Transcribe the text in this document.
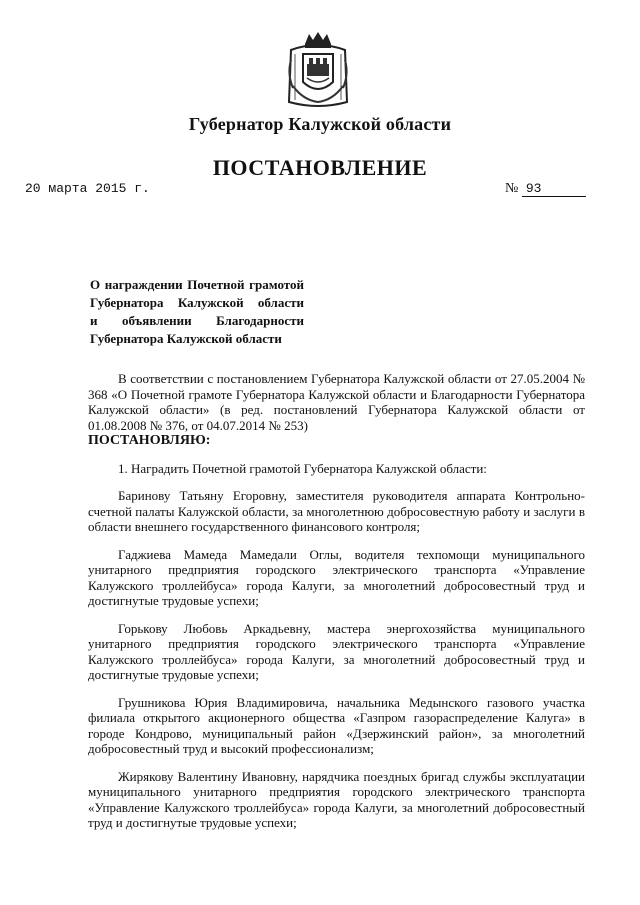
Губернатор Калужской области
ПОСТАНОВЛЕНИЕ
20 марта 2015 г.	№ 93
О награждении Почетной грамотой
Губернатора Калужской области
и объявлении Благодарности
Губернатора Калужской области

В соответствии с постановлением Губернатора Калужской области от 27.05.2004 № 368 «О Почетной грамоте Губернатора Калужской области и Благодарности Губернатора Калужской области» (в ред. постановлений Губернатора Калужской области от 01.08.2008 № 376, от 04.07.2014 № 253)

ПОСТАНОВЛЯЮ:

1. Наградить Почетной грамотой Губернатора Калужской области:

Баринову Татьяну Егоровну, заместителя руководителя аппарата Контрольно-счетной палаты Калужской области, за многолетнюю добросовестную работу и заслуги в области внешнего государственного финансового контроля;

Гаджиева Мамеда Мамедали Оглы, водителя техпомощи муниципального унитарного предприятия городского электрического транспорта «Управление Калужского троллейбуса» города Калуги, за многолетний добросовестный труд и достигнутые трудовые успехи;

Горькову Любовь Аркадьевну, мастера энергохозяйства муниципального унитарного предприятия городского электрического транспорта «Управление Калужского троллейбуса» города Калуги, за многолетний добросовестный труд и достигнутые трудовые успехи;

Грушникова Юрия Владимировича, начальника Медынского газового участка филиала открытого акционерного общества «Газпром газораспределение Калуга» в городе Кондрово, муниципальный район «Дзержинский район», за многолетний добросовестный труд и высокий профессионализм;

Жирякову Валентину Ивановну, нарядчика поездных бригад службы эксплуатации муниципального унитарного предприятия городского электрического транспорта «Управление Калужского троллейбуса» города Калуги, за многолетний добросовестный труд и достигнутые трудовые успехи;
